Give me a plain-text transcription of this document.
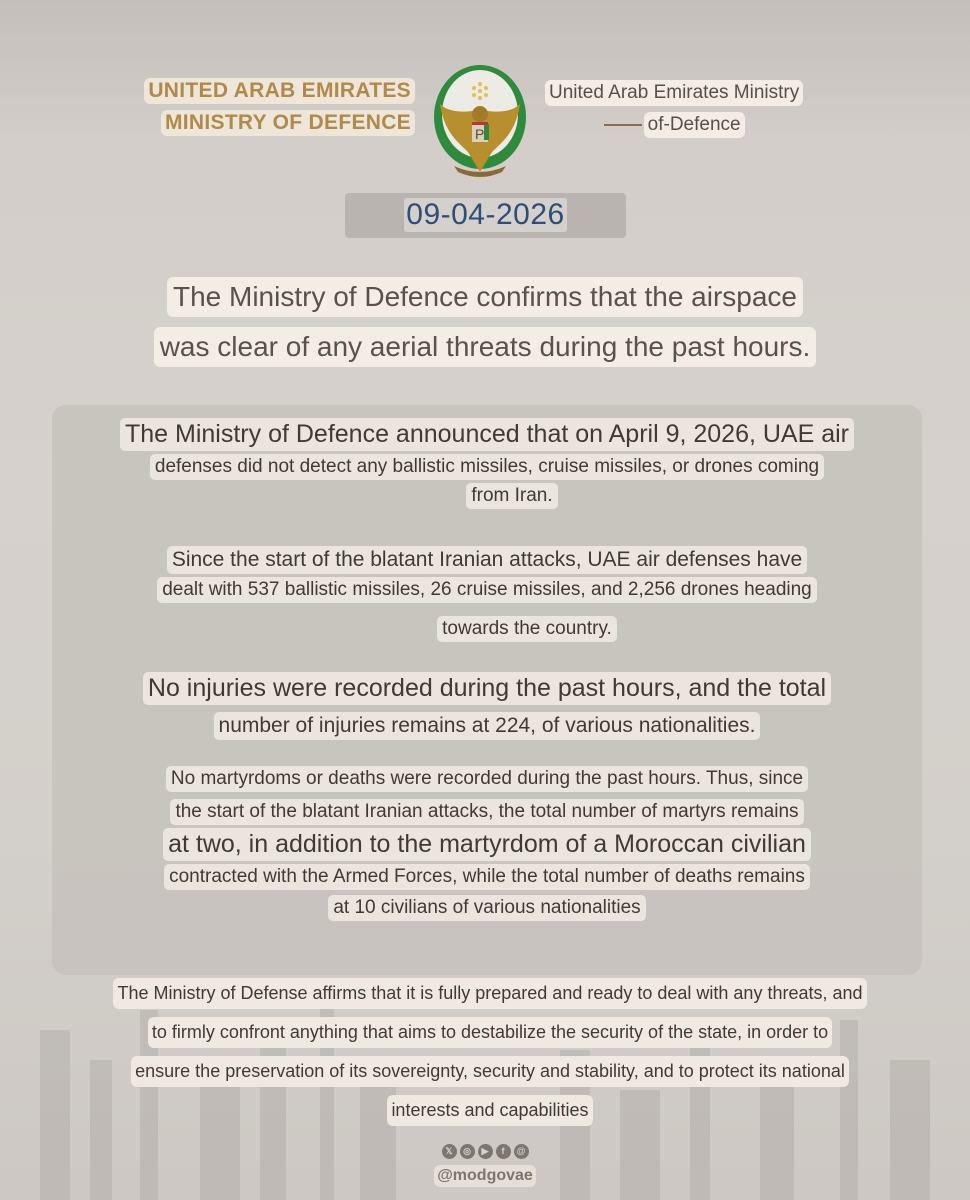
UNITED ARAB EMIRATES
MINISTRY OF DEFENCE	P
United Arab Emirates Ministry
of-Defence
09-04-2026
The Ministry of Defence confirms that the airspace
was clear of any aerial threats during the past hours.
The Ministry of Defence announced that on April 9, 2026, UAE air
defenses did not detect any ballistic missiles, cruise missiles, or drones coming
from Iran.
Since the start of the blatant Iranian attacks, UAE air defenses have
dealt with 537 ballistic missiles, 26 cruise missiles, and 2,256 drones heading
towards the country.
No injuries were recorded during the past hours, and the total
number of injuries remains at 224, of various nationalities.
No martyrdoms or deaths were recorded during the past hours. Thus, since
the start of the blatant Iranian attacks, the total number of martyrs remains
at two, in addition to the martyrdom of a Moroccan civilian
contracted with the Armed Forces, while the total number of deaths remains
at 10 civilians of various nationalities
The Ministry of Defense affirms that it is fully prepared and ready to deal with any threats, and
to firmly confront anything that aims to destabilize the security of the state, in order to
ensure the preservation of its sovereignty, security and stability, and to protect its national
interests and capabilities
𝕏	◎	▶	f	@
@modgovae
